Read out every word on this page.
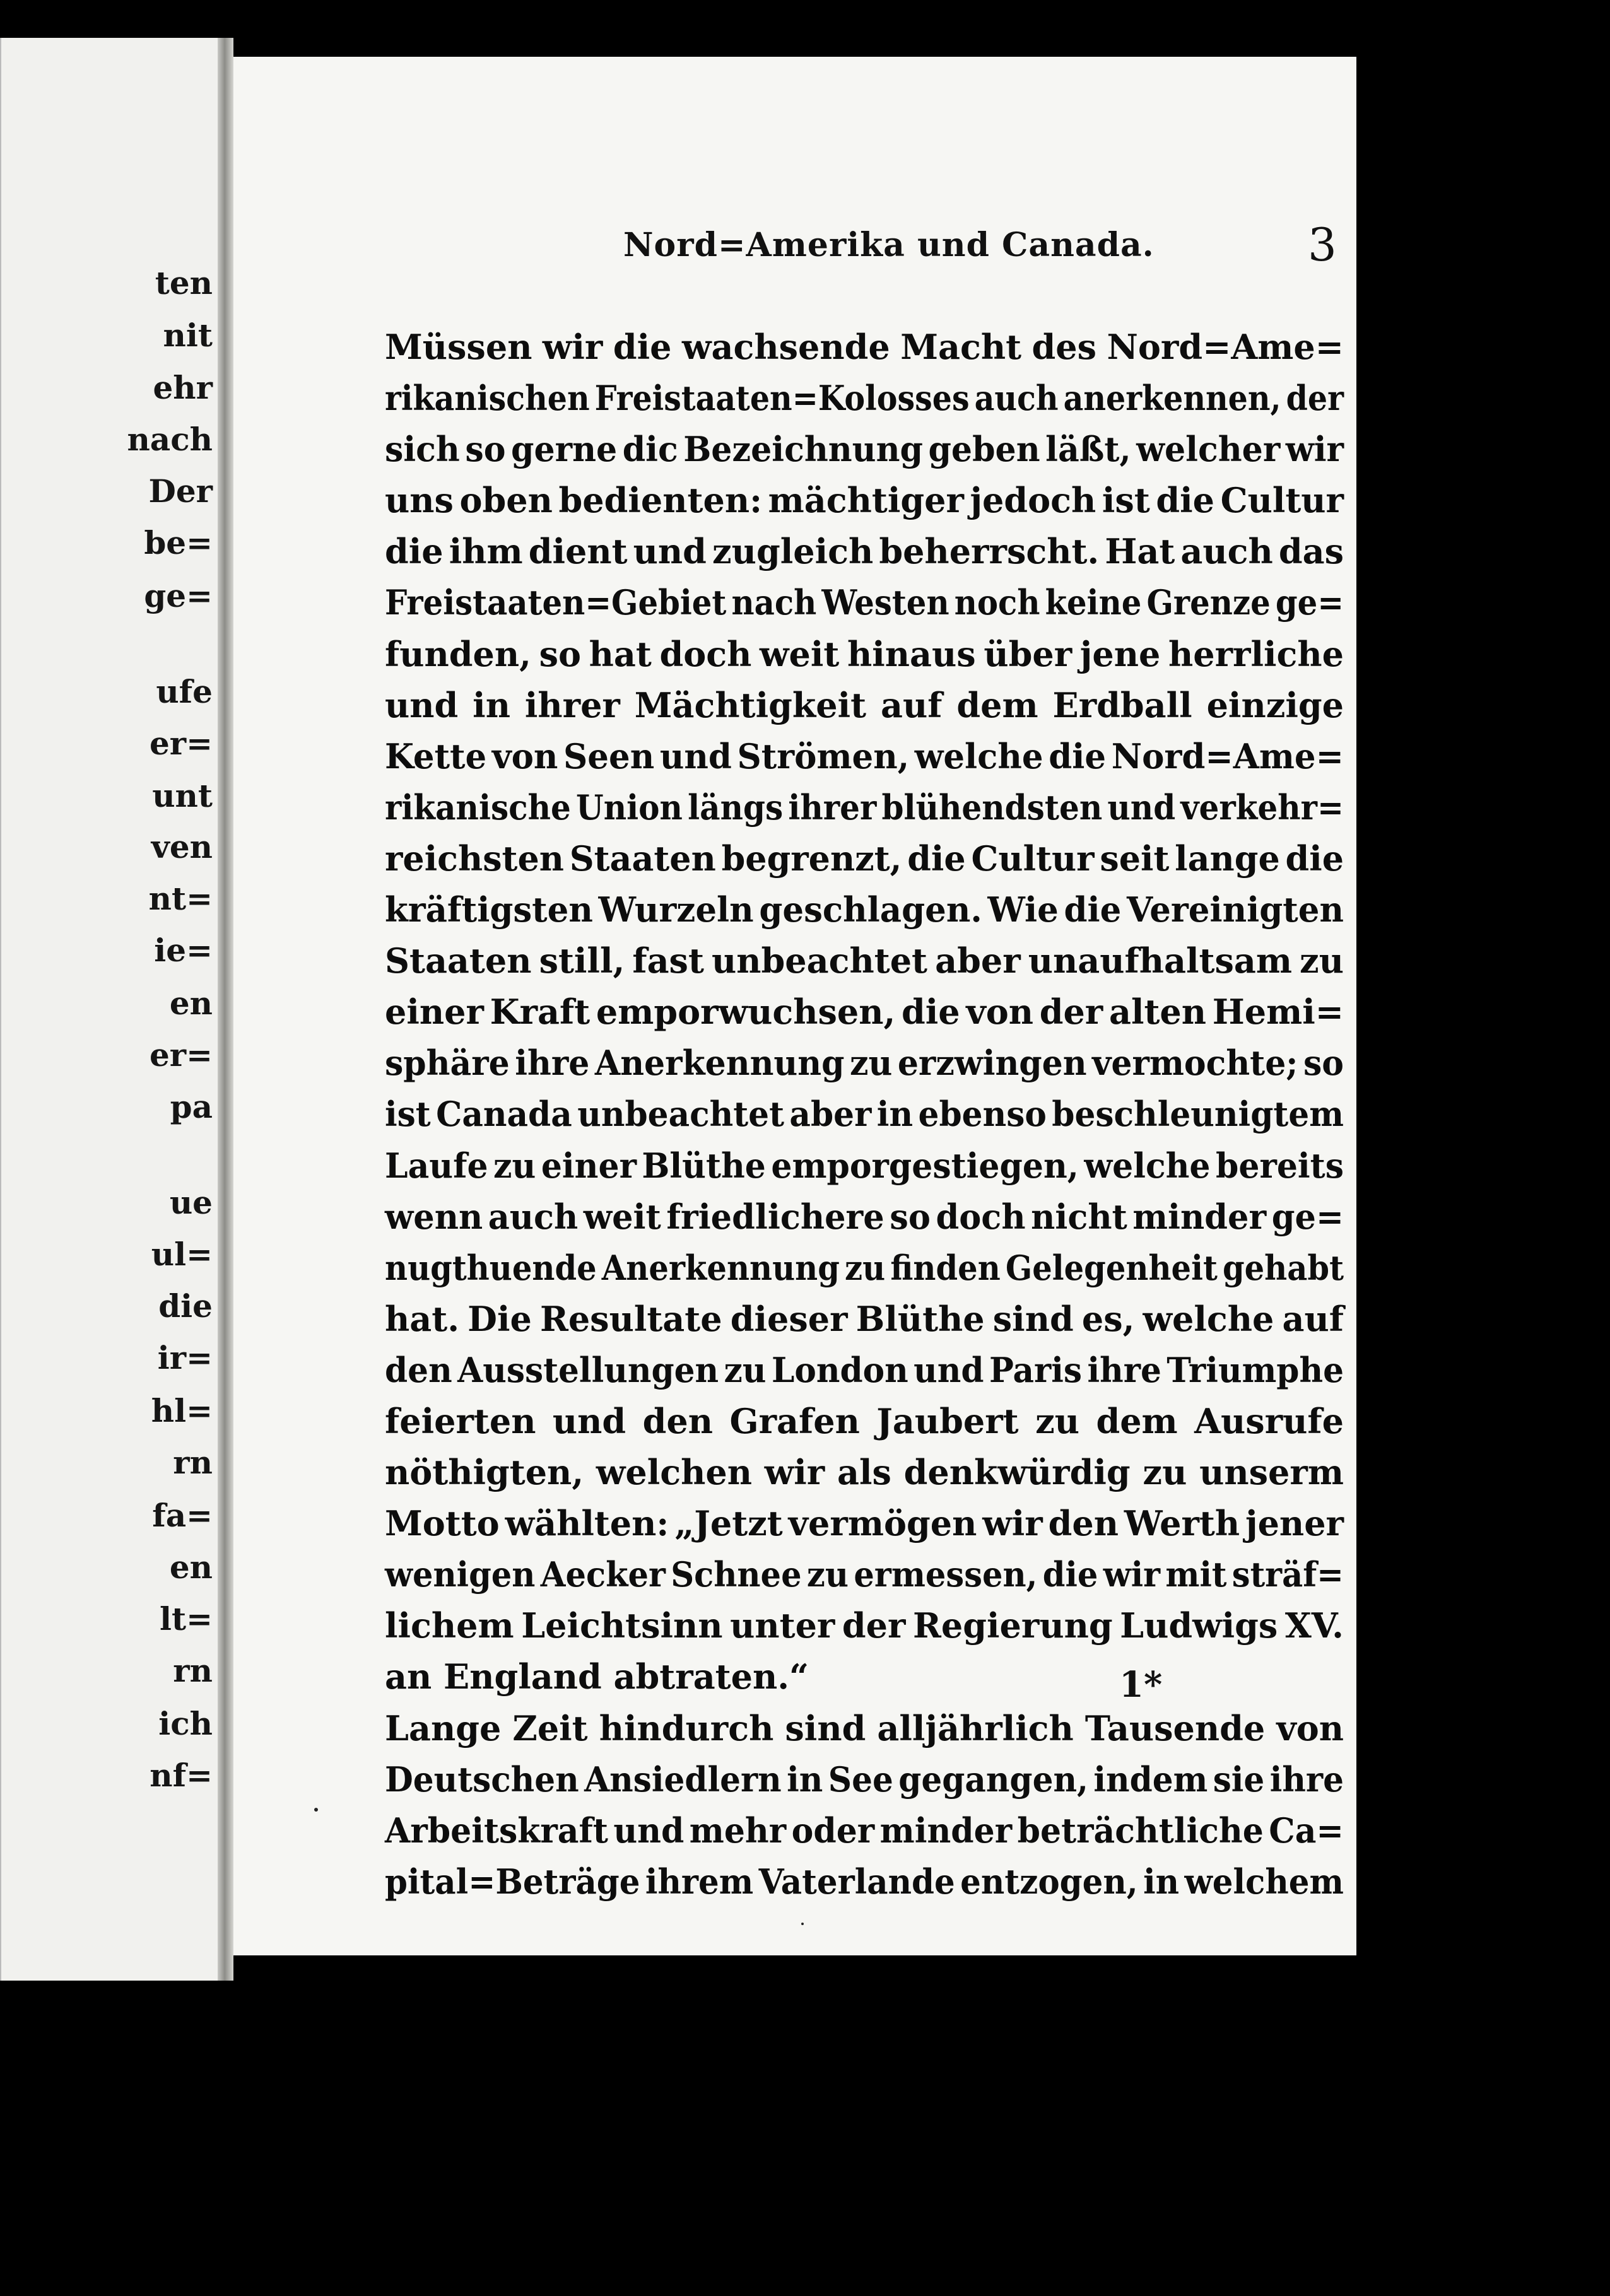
ten
nit
ehr
nach
Der
be=
ge=
ufe
er=
unt
ven
nt=
ie=
en
er=
pa
ue
ul=
die
ir=
hl=
rn
fa=
en
lt=
rn
ich
nf=
Nord=Amerika und Canada.	3
Müssen wir die wachsende Macht des Nord=Ame=
rikanischen Freistaaten=Kolosses auch anerkennen, der
sich so gerne dic Bezeichnung geben läßt, welcher wir
uns oben bedienten: mächtiger jedoch ist die Cultur
die ihm dient und zugleich beherrscht. Hat auch das
Freistaaten=Gebiet nach Westen noch keine Grenze ge=
funden, so hat doch weit hinaus über jene herrliche
und in ihrer Mächtigkeit auf dem Erdball einzige
Kette von Seen und Strömen, welche die Nord=Ame=
rikanische Union längs ihrer blühendsten und verkehr=
reichsten Staaten begrenzt, die Cultur seit lange die
kräftigsten Wurzeln geschlagen. Wie die Vereinigten
Staaten still, fast unbeachtet aber unaufhaltsam zu
einer Kraft emporwuchsen, die von der alten Hemi=
sphäre ihre Anerkennung zu erzwingen vermochte; so
ist Canada unbeachtet aber in ebenso beschleunigtem
Laufe zu einer Blüthe emporgestiegen, welche bereits
wenn auch weit friedlichere so doch nicht minder ge=
nugthuende Anerkennung zu finden Gelegenheit gehabt
hat. Die Resultate dieser Blüthe sind es, welche auf
den Ausstellungen zu London und Paris ihre Triumphe
feierten und den Grafen Jaubert zu dem Ausrufe
nöthigten, welchen wir als denkwürdig zu unserm
Motto wählten: „Jetzt vermögen wir den Werth jener
wenigen Aecker Schnee zu ermessen, die wir mit sträf=
lichem Leichtsinn unter der Regierung Ludwigs XV.
an England abtraten.“
Lange Zeit hindurch sind alljährlich Tausende von
Deutschen Ansiedlern in See gegangen, indem sie ihre
Arbeitskraft und mehr oder minder beträchtliche Ca=
pital=Beträge ihrem Vaterlande entzogen, in welchem
1*
